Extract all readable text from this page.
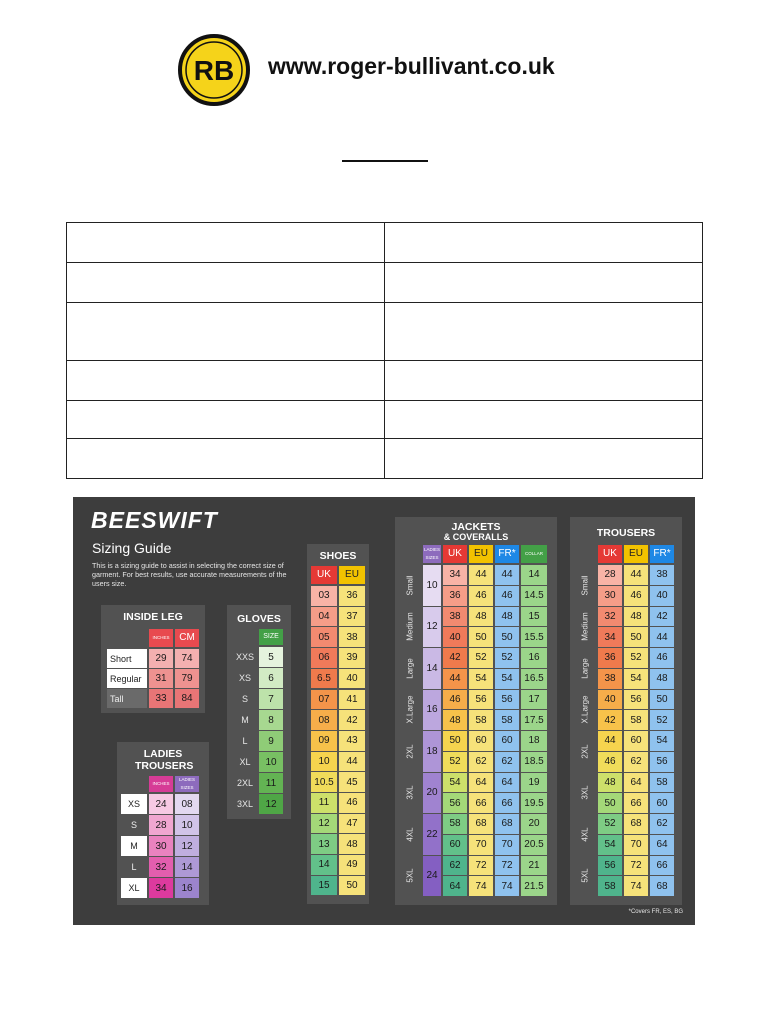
RB www.roger-bullivant.co.uk

BEESWIFT
Sizing Guide
This is a sizing guide to assist in selecting the correct size of garment. For best results, use accurate measurements of the users size.
*Covers FR, ES, BG
INSIDE LEG
INCHES CM
Short	29	74
Regular	31	79
Tall	33	84
GLOVES
SIZE
XXS	5
XS	6
S	7
M	8
L	9
XL	10
2XL	11
3XL	12
LADIES TROUSERS
INCHES
LADIES SIZES
XS	24	08
S	28	10
M	30	12
L	32	14
XL	34	16
SHOES
UK	EU
03	36
04	37
05	38
06	39
6.5	40
07	41
08	42
09	43
10	44
10.5	45
11	46
12	47
13	48
14	49
15	50
JACKETS
& COVERALLS
LADIES SIZES UK	EU	FR*	COLLAR
Small	10
34	44	44	14
36	46	46	14.5
Medium	12
38	48	48	15
40	50	50	15.5
Large	14
42	52	52	16
44	54	54	16.5
X.Large	16
46	56	56	17
48	58	58	17.5
2XL	18
50	60	60	18
52	62	62	18.5
3XL	20
54	64	64	19
56	66	66	19.5
4XL	22
58	68	68	20
60	70	70	20.5
5XL	24
62	72	72	21
64	74	74	21.5
TROUSERS
UK	EU	FR*
Small
28	44	38
30	46	40
Medium	32	48	42
34	50	44
Large
36	52	46
38	54	48
X.Large	40	56	50
42	58	52
2XL
44	60	54
46	62	56
3XL
48	64	58
50	66	60
4XL
52	68	62
54	70	64
5XL
56	72	66
58	74	68
